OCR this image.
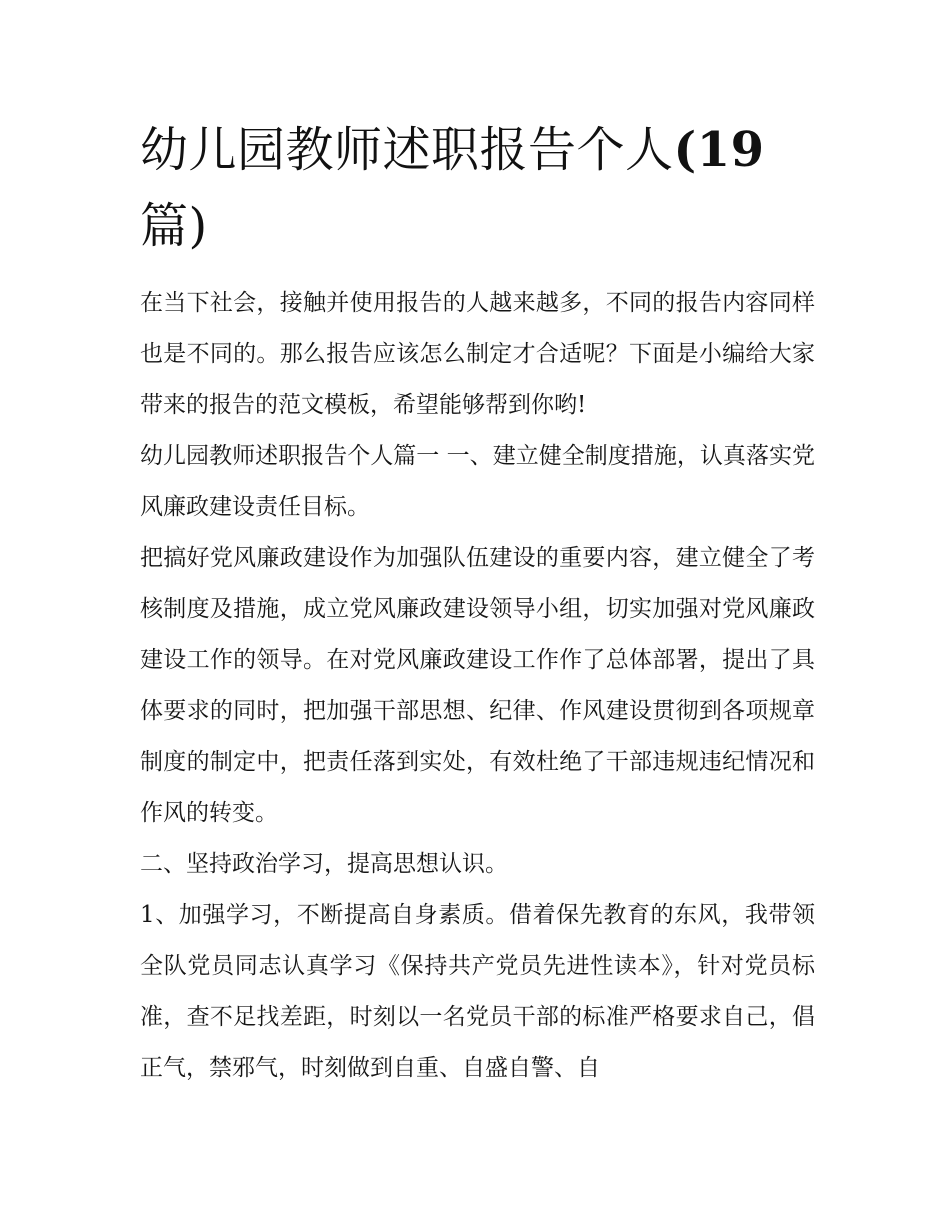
幼儿园教师述职报告个人(19
篇)

在当下社会，接触并使用报告的人越来越多，不同的报告内容同样也是不同的。那么报告应该怎么制定才合适呢？下面是小编给大家带来的报告的范文模板，希望能够帮到你哟!

幼儿园教师述职报告个人篇一 一、建立健全制度措施，认真落实党风廉政建设责任目标。

把搞好党风廉政建设作为加强队伍建设的重要内容，建立健全了考核制度及措施，成立党风廉政建设领导小组，切实加强对党风廉政建设工作的领导。在对党风廉政建设工作作了总体部署，提出了具体要求的同时，把加强干部思想、纪律、作风建设贯彻到各项规章制度的制定中，把责任落到实处，有效杜绝了干部违规违纪情况和作风的转变。

二、坚持政治学习，提高思想认识。

1、加强学习，不断提高自身素质。借着保先教育的东风，我带领全队党员同志认真学习《保持共产党员先进性读本》，针对党员标准，查不足找差距，时刻以一名党员干部的标准严格要求自己，倡正气，禁邪气，时刻做到自重、自盛自警、自
